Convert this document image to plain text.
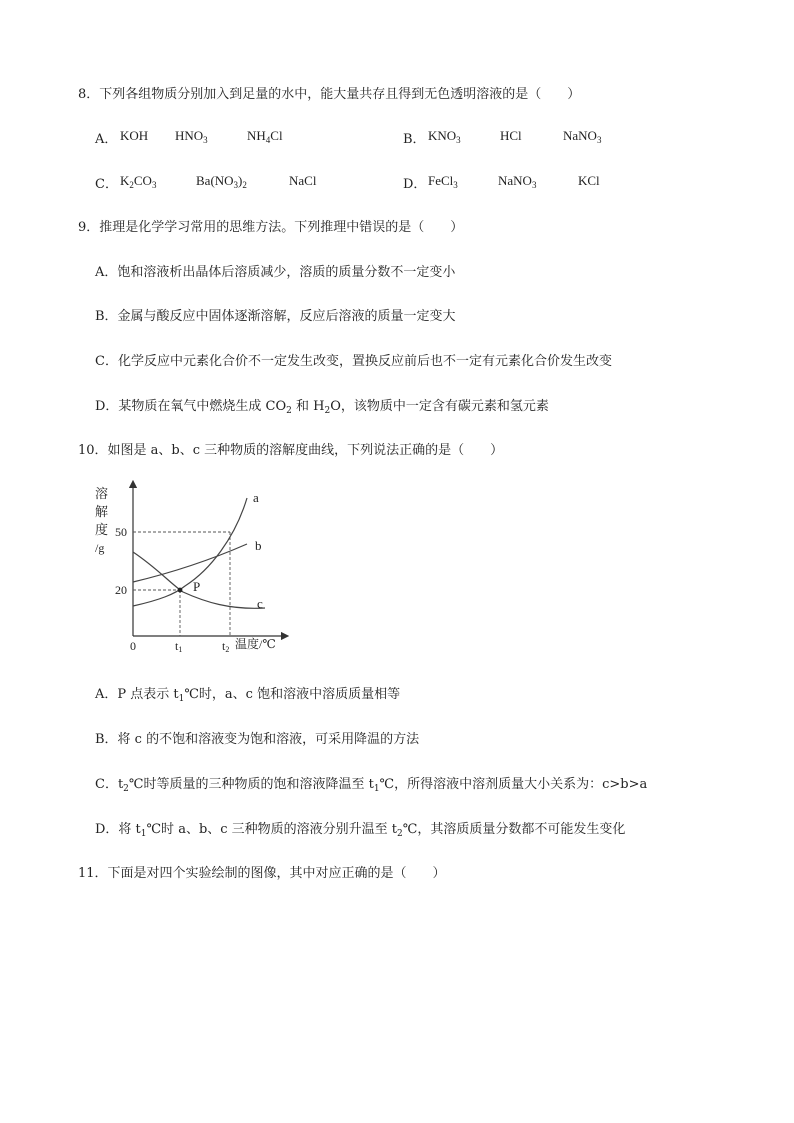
8．下列各组物质分别加入到足量的水中，能大量共存且得到无色透明溶液的是（　　）
A． KOH $HNO_3$	$NH_4Cl$	B． $KNO_3$	HCl	NaNO$_3$
C． $K_2CO_3$	$Ba(NO_3)_2$	NaCl	D． FeCl$_3$	NaNO$_3$	KCl
9．推理是化学学习常用的思维方法。下列推理中错误的是（　　）
A．饱和溶液析出晶体后溶质减少，溶质的质量分数不一定变小
B．金属与酸反应中固体逐渐溶解，反应后溶液的质量一定变大
C．化学反应中元素化合价不一定发生改变，置换反应前后也不一定有元素化合价发生改变
D．某物质在氧气中燃烧生成 $CO_2$ 和 $H_2O$，该物质中一定含有碳元素和氢元素
10．如图是 a、b、c 三种物质的溶解度曲线，下列说法正确的是（　　）
P
a
b
c
50
20
0	t1	t2 温度/℃
溶
解
度
/g
A．P 点表示 $t_1℃$时，a、c 饱和溶液中溶质质量相等
B．将 c 的不饱和溶液变为饱和溶液，可采用降温的方法
C．$t_2℃$时等质量的三种物质的饱和溶液降温至 $t_1℃$，所得溶液中溶剂质量大小关系为：c>b>a
D．将 $t_1℃$时 a、b、c 三种物质的溶液分别升温至 $t_2℃$，其溶质质量分数都不可能发生变化
11．下面是对四个实验绘制的图像，其中对应正确的是（　　）
